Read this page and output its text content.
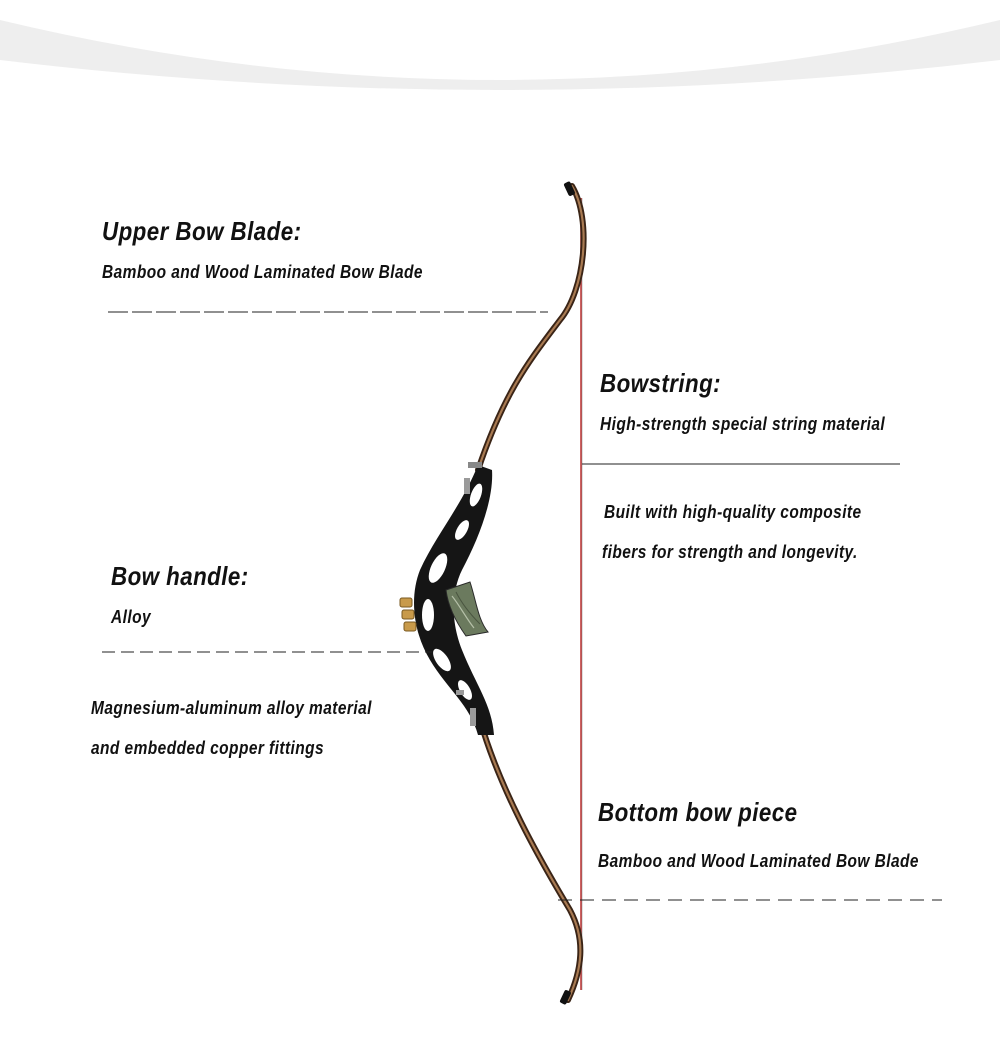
Upper Bow Blade:
Bamboo and Wood Laminated Bow Blade
Bowstring:
High-strength special string material
Built with high-quality composite
fibers for strength and longevity.
Bow handle:
Alloy
Magnesium-aluminum alloy material
and embedded copper fittings
Bottom bow piece
Bamboo and Wood Laminated Bow Blade
